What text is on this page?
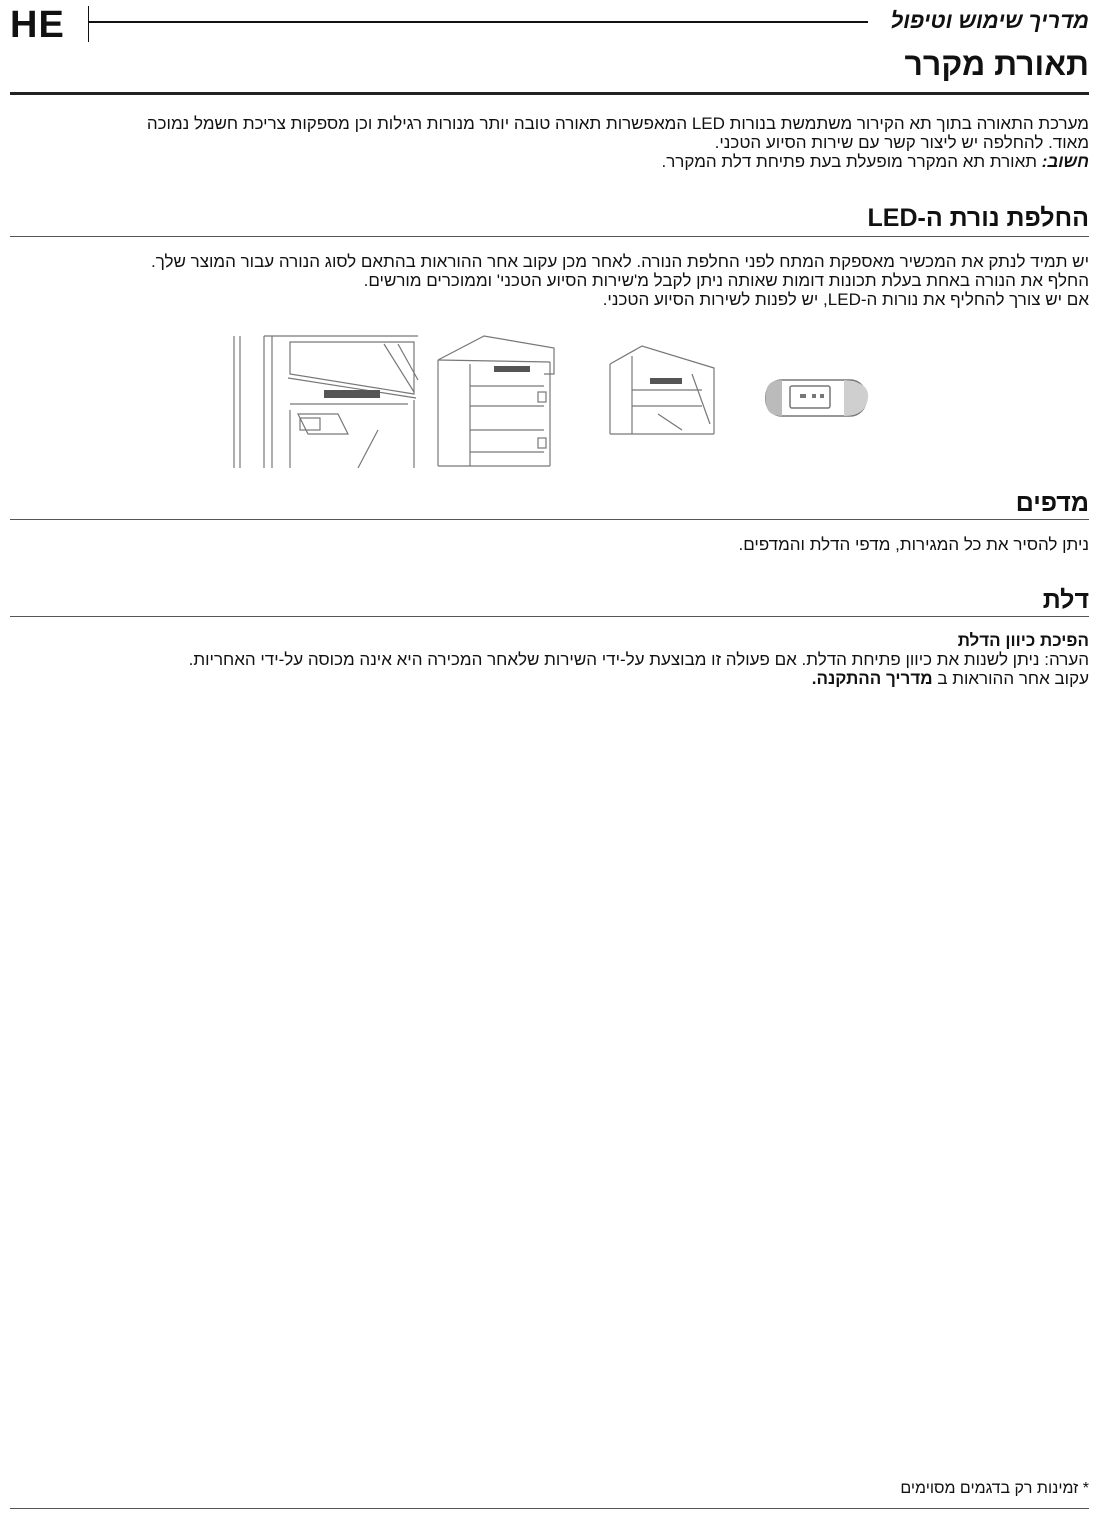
HE	מדריך שימוש וטיפול
תאורת מקרר
מערכת התאורה בתוך תא הקירור משתמשת בנורות LED המאפשרות תאורה טובה יותר מנורות רגילות וכן מספקות צריכת חשמל נמוכה
מאוד. להחלפה יש ליצור קשר עם שירות הסיוע הטכני.
חשוב: תאורת תא המקרר מופעלת בעת פתיחת דלת המקרר.
החלפת נורת ה-LED
יש תמיד לנתק את המכשיר מאספקת המתח לפני החלפת הנורה. לאחר מכן עקוב אחר ההוראות בהתאם לסוג הנורה עבור המוצר שלך.
החלף את הנורה באחת בעלת תכונות דומות שאותה ניתן לקבל מ'שירות הסיוע הטכני' וממוכרים מורשים.
אם יש צורך להחליף את נורות ה-LED, יש לפנות לשירות הסיוע הטכני.
מדפים
ניתן להסיר את כל המגירות, מדפי הדלת והמדפים.
דלת
הפיכת כיוון הדלת
הערה: ניתן לשנות את כיוון פתיחת הדלת. אם פעולה זו מבוצעת על-ידי השירות שלאחר המכירה היא אינה מכוסה על-ידי האחריות.
עקוב אחר ההוראות ב מדריך ההתקנה.
* זמינות רק בדגמים מסוימים
